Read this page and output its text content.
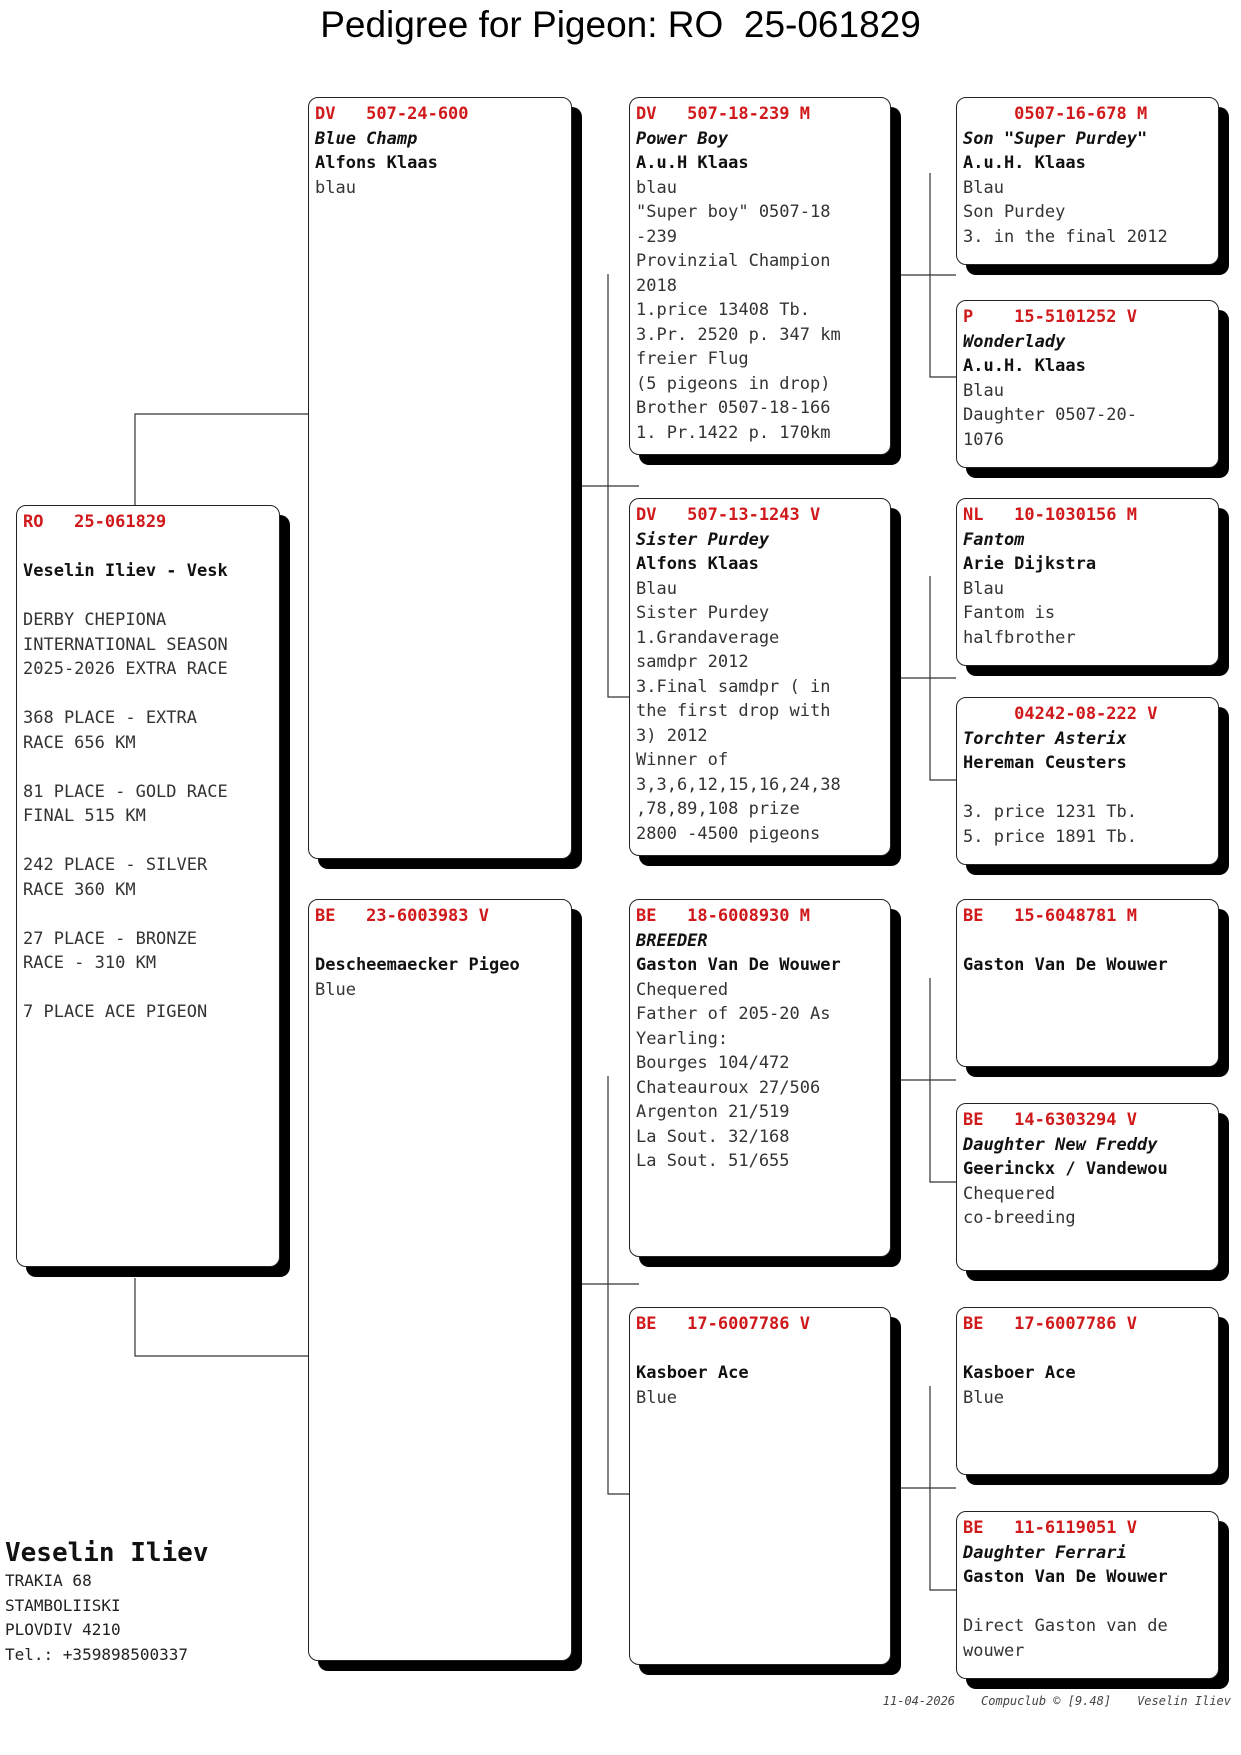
Pedigree for Pigeon: RO  25-061829
RO   25-061829
Veselin Iliev - Vesk
DERBY CHEPIONA
INTERNATIONAL SEASON
2025-2026 EXTRA RACE
368 PLACE - EXTRA
RACE 656 KM
81 PLACE - GOLD RACE
FINAL 515 KM
242 PLACE - SILVER
RACE 360 KM
27 PLACE - BRONZE
RACE - 310 KM
7 PLACE ACE PIGEON
DV   507-24-600
Blue Champ
Alfons Klaas
blau
BE   23-6003983 V
Descheemaecker Pigeo
Blue
DV   507-18-239 M
Power Boy
A.u.H Klaas
blau
"Super boy" 0507-18
-239
Provinzial Champion
2018
1.price 13408 Tb.
3.Pr. 2520 p. 347 km
freier Flug
(5 pigeons in drop)
Brother 0507-18-166
1. Pr.1422 p. 170km
DV   507-13-1243 V
Sister Purdey
Alfons Klaas
Blau
Sister Purdey
1.Grandaverage
samdpr 2012
3.Final samdpr ( in
the first drop with
3) 2012
Winner of
3,3,6,12,15,16,24,38
,78,89,108 prize
2800 -4500 pigeons
BE   18-6008930 M
BREEDER
Gaston Van De Wouwer
Chequered
Father of 205-20 As
Yearling:
Bourges 104/472
Chateauroux 27/506
Argenton 21/519
La Sout. 32/168
La Sout. 51/655
BE   17-6007786 V
Kasboer Ace
Blue
0507-16-678 M
Son "Super Purdey"
A.u.H. Klaas
Blau
Son Purdey
3. in the final 2012
P    15-5101252 V
Wonderlady
A.u.H. Klaas
Blau
Daughter 0507-20-
1076
NL   10-1030156 M
Fantom
Arie Dijkstra
Blau
Fantom is
halfbrother
04242-08-222 V
Torchter Asterix
Hereman Ceusters
3. price 1231 Tb.
5. price 1891 Tb.
BE   15-6048781 M
Gaston Van De Wouwer
BE   14-6303294 V
Daughter New Freddy
Geerinckx / Vandewou
Chequered
co-breeding
BE   17-6007786 V
Kasboer Ace
Blue
BE   11-6119051 V
Daughter Ferrari
Gaston Van De Wouwer
Direct Gaston van de
wouwer
Veselin Iliev
TRAKIA 68
STAMBOLIISKI
PLOVDIV 4210
Tel.: +359898500337
11-04-2026 Compuclub © [9.48] Veselin Iliev
